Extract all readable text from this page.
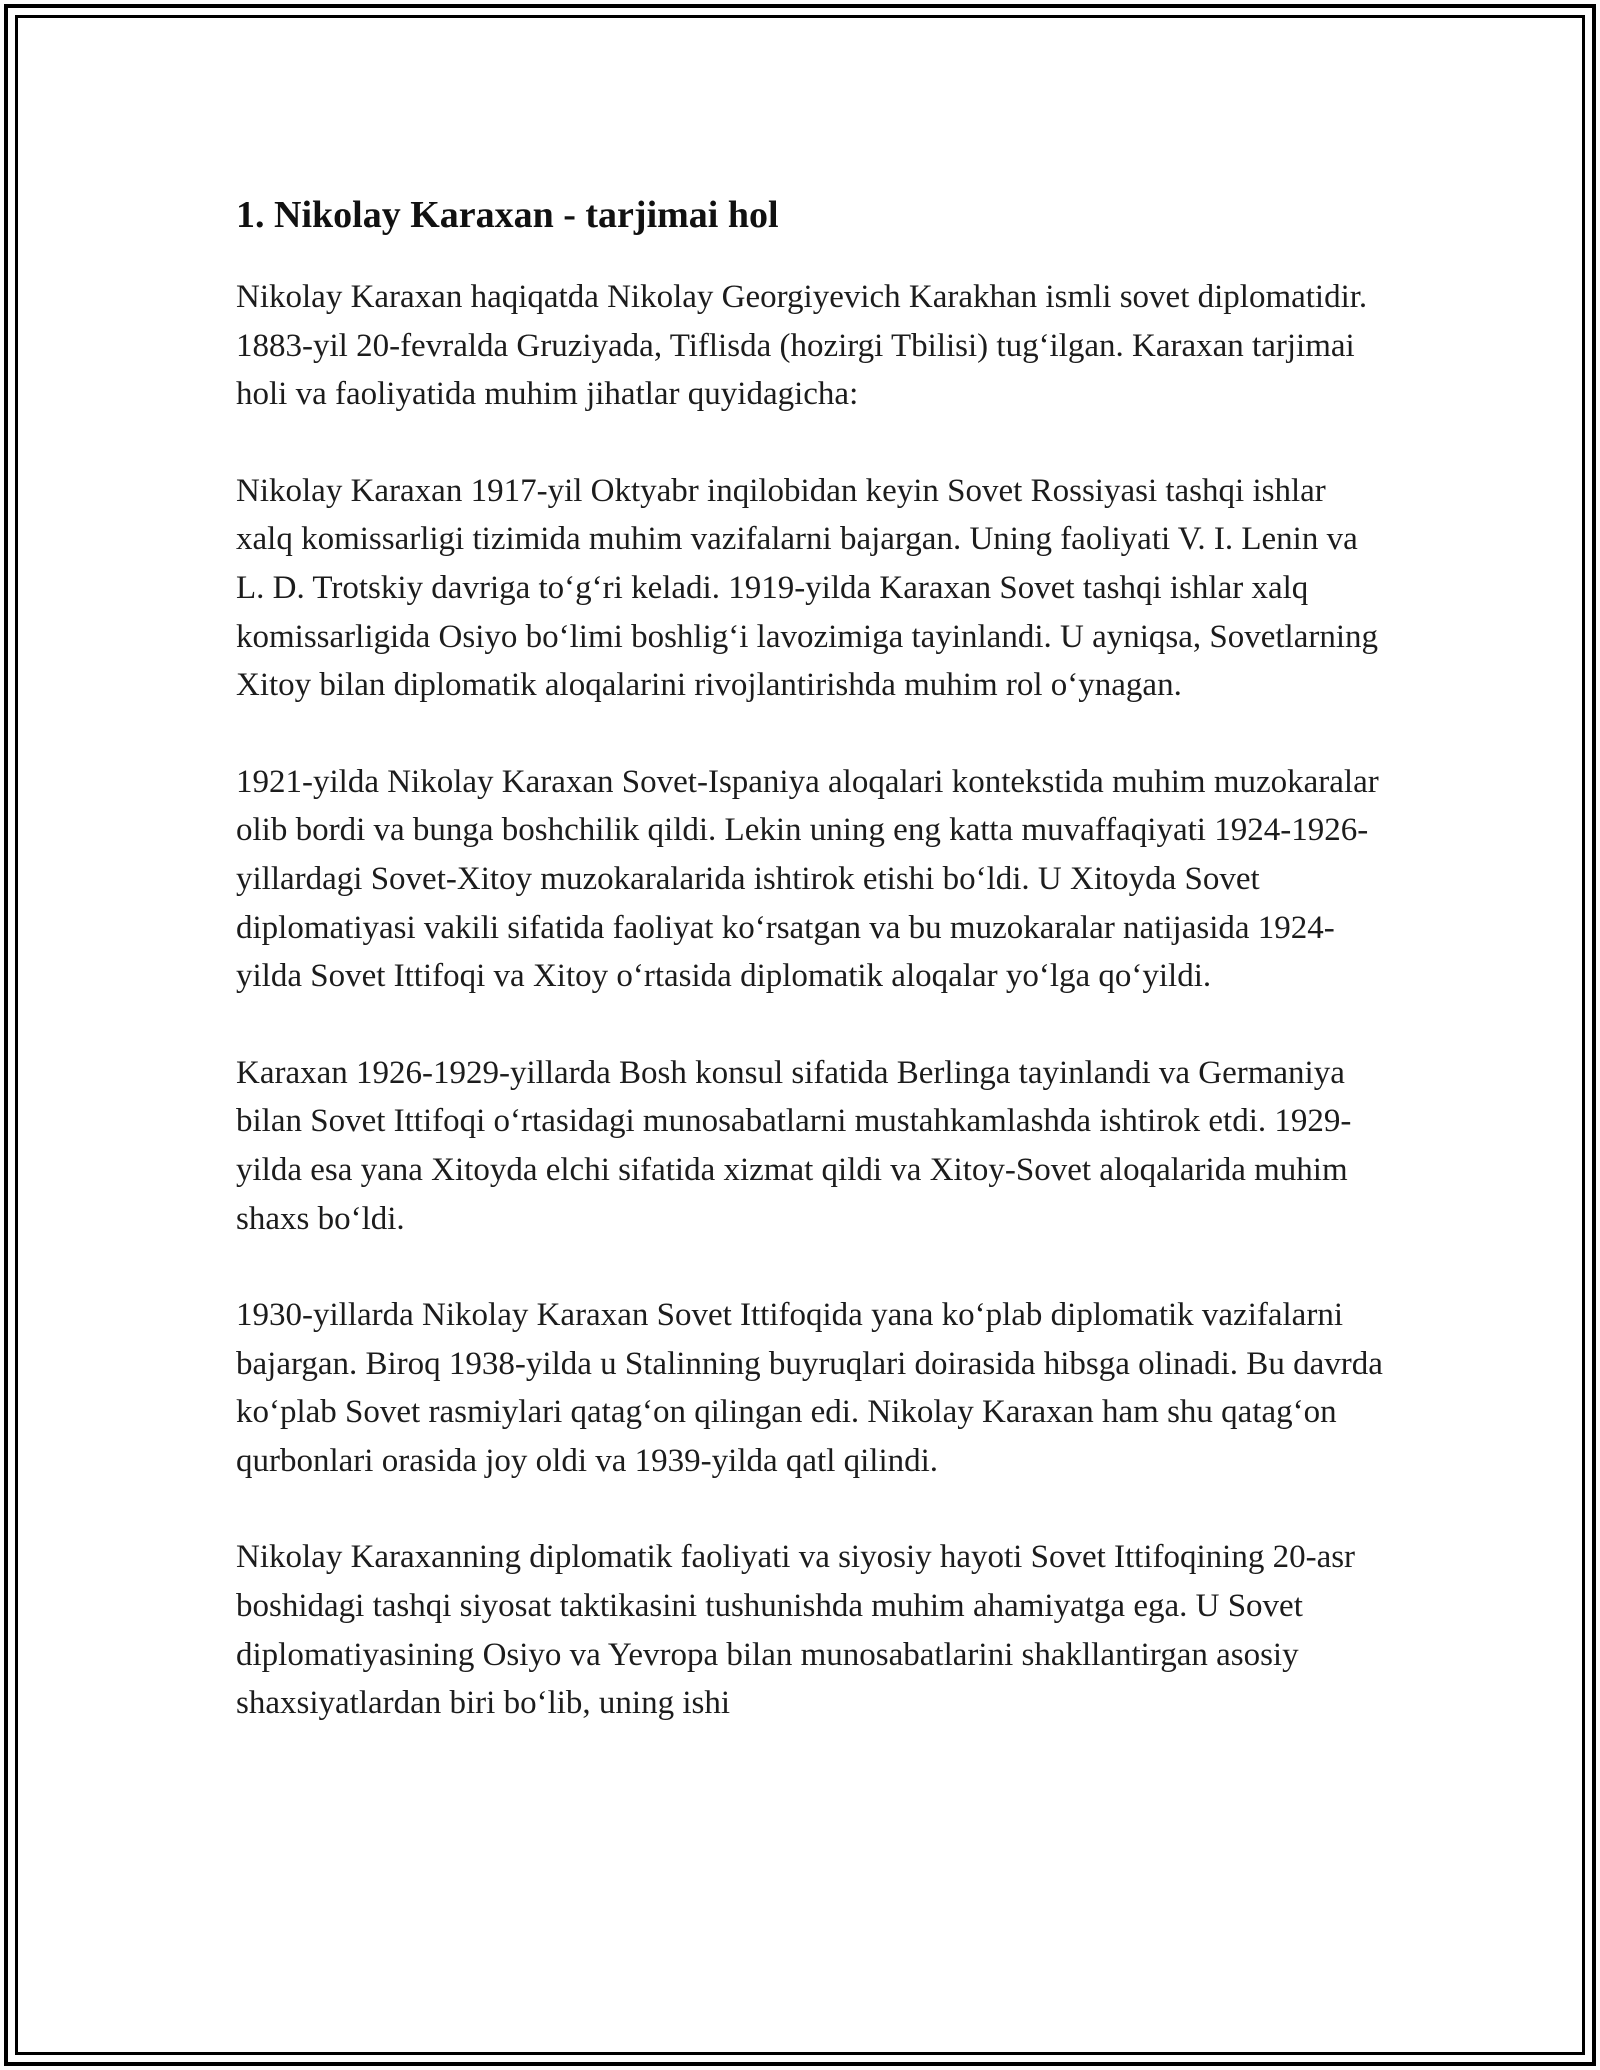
1. Nikolay Karaxan - tarjimai hol

Nikolay Karaxan haqiqatda Nikolay Georgiyevich Karakhan ismli sovet diplomatidir. 1883-yil 20-fevralda Gruziyada, Tiflisda (hozirgi Tbilisi) tug‘ilgan. Karaxan tarjimai holi va faoliyatida muhim jihatlar quyidagicha:

Nikolay Karaxan 1917-yil Oktyabr inqilobidan keyin Sovet Rossiyasi tashqi ishlar xalq komissarligi tizimida muhim vazifalarni bajargan. Uning faoliyati V. I. Lenin va L. D. Trotskiy davriga to‘g‘ri keladi. 1919-yilda Karaxan Sovet tashqi ishlar xalq komissarligida Osiyo bo‘limi boshlig‘i lavozimiga tayinlandi. U ayniqsa, Sovetlarning Xitoy bilan diplomatik aloqalarini rivojlantirishda muhim rol o‘ynagan.

1921-yilda Nikolay Karaxan Sovet-Ispaniya aloqalari kontekstida muhim muzokaralar olib bordi va bunga boshchilik qildi. Lekin uning eng katta muvaffaqiyati 1924-1926-yillardagi Sovet-Xitoy muzokaralarida ishtirok etishi bo‘ldi. U Xitoyda Sovet diplomatiyasi vakili sifatida faoliyat ko‘rsatgan va bu muzokaralar natijasida 1924-yilda Sovet Ittifoqi va Xitoy o‘rtasida diplomatik aloqalar yo‘lga qo‘yildi.

Karaxan 1926-1929-yillarda Bosh konsul sifatida Berlinga tayinlandi va Germaniya bilan Sovet Ittifoqi o‘rtasidagi munosabatlarni mustahkamlashda ishtirok etdi. 1929-yilda esa yana Xitoyda elchi sifatida xizmat qildi va Xitoy-Sovet aloqalarida muhim shaxs bo‘ldi.

1930-yillarda Nikolay Karaxan Sovet Ittifoqida yana ko‘plab diplomatik vazifalarni bajargan. Biroq 1938-yilda u Stalinning buyruqlari doirasida hibsga olinadi. Bu davrda ko‘plab Sovet rasmiylari qatag‘on qilingan edi. Nikolay Karaxan ham shu qatag‘on qurbonlari orasida joy oldi va 1939-yilda qatl qilindi.

Nikolay Karaxanning diplomatik faoliyati va siyosiy hayoti Sovet Ittifoqining 20-asr boshidagi tashqi siyosat taktikasini tushunishda muhim ahamiyatga ega. U Sovet diplomatiyasining Osiyo va Yevropa bilan munosabatlarini shakllantirgan asosiy shaxsiyatlardan biri bo‘lib, uning ishi
